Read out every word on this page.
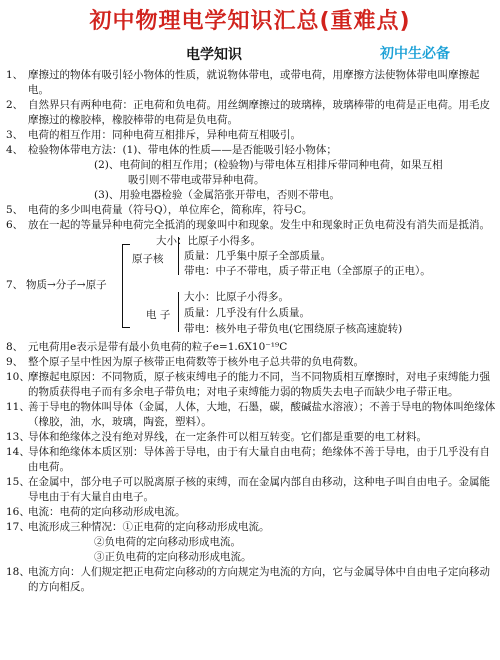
初中物理电学知识汇总(重难点)
电学知识	初中生必备

1、 摩擦过的物体有吸引轻小物体的性质，就说物体带电，或带电荷，用摩擦方法使物体带电叫摩擦起电。

2、 自然界只有两种电荷：正电荷和负电荷。用丝绸摩擦过的玻璃棒，玻璃棒带的电荷是正电荷。用毛皮摩擦过的橡胶棒，橡胶棒带的电荷是负电荷。

3、 电荷的相互作用：同种电荷互相排斥，异种电荷互相吸引。

4、 检验物体带电方法：(1)、带电体的性质——是否能吸引轻小物体；

(2)、电荷间的相互作用；(检验物)与带电体互相排斥带同种电荷，如果互相

吸引则不带电或带异种电荷。

(3)、用验电器检验（金属箔张开带电，否则不带电。

5、 电荷的多少叫电荷量（符号Q），单位库仑，简称库，符号C。

6、 放在一起的等量异种电荷完全抵消的现象叫中和现象。发生中和现象时正负电荷没有消失而是抵消。

7、 物质→分子→原子
原子核
大小：比原子小得多。
质量：几乎集中原子全部质量。
带电：中子不带电，质子带正电（全部原子的正电）。
电 子
大小：比原子小得多。
质量：几乎没有什么质量。
带电：核外电子带负电(它围绕原子核高速旋转)

8、 元电荷用e表示是带有最小负电荷的粒子e=1.6X10⁻¹⁹C

9、 整个原子呈中性因为原子核带正电荷数等于核外电子总共带的负电荷数。

10、
摩擦起电原因：不同物质，原子核束缚电子的能力不同，当不同物质相互摩擦时，对电子束缚能力强的物质获得电子而有多余电子带负电；对电子束缚能力弱的物质失去电子而缺少电子带正电。

11、
善于导电的物体叫导体（金属，人体，大地，石墨，碳，酸碱盐水溶液）；不善于导电的物体叫绝缘体（橡胶，油，水，玻璃，陶瓷，塑料）。

13、
导体和绝缘体之没有绝对界线，在一定条件可以相互转变。它们都是重要的电工材料。

14、
导体和绝缘体本质区别：导体善于导电，由于有大量自由电荷；绝缘体不善于导电，由于几乎没有自由电荷。

15、
在金属中，部分电子可以脱离原子核的束缚，而在金属内部自由移动，这种电子叫自由电子。金属能导电由于有大量自由电子。

16、
电流：电荷的定向移动形成电流。

17、
电流形成三种情况：①正电荷的定向移动形成电流。

②负电荷的定向移动形成电流。

③正负电荷的定向移动形成电流。

18、
电流方向：人们规定把正电荷定向移动的方向规定为电流的方向，它与金属导体中自由电子定向移动的方向相反。
